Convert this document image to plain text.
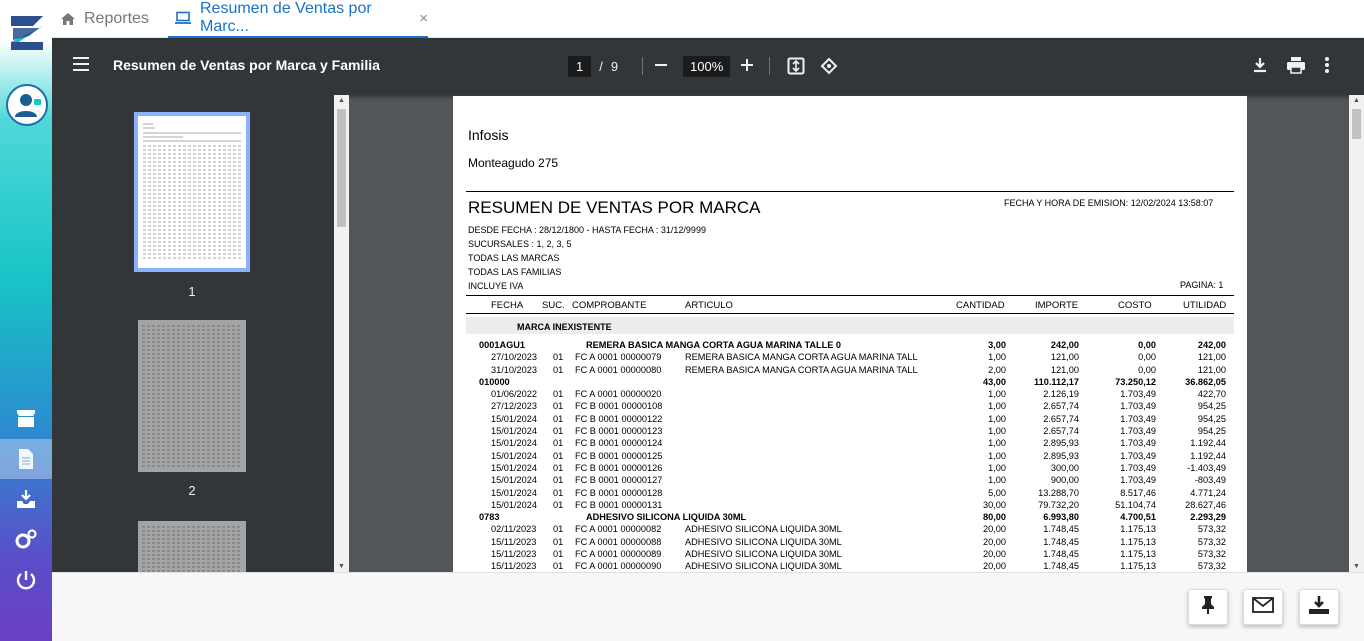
Reportes
Resumen de Ventas por Marc...	×
Resumen de Ventas por Marca y Familia	1	/ 9	100%
1
2
▲
▼
Infosis
Monteagudo 275
RESUMEN DE VENTAS POR MARCA	FECHA Y HORA DE EMISION: 12/02/2024 13:58:07
DESDE FECHA : 28/12/1800 - HASTA FECHA : 31/12/9999
SUCURSALES : 1, 2, 3, 5
TODAS LAS MARCAS
TODAS LAS FAMILIAS
INCLUYE IVA	PAGINA: 1
FECHA SUC. COMPROBANTE	ARTICULO	CANTIDAD	IMPORTE	COSTO	UTILIDAD
MARCA INEXISTENTE
0001AGU1	REMERA BASICA MANGA CORTA AGUA MARINA TALLE 0	3,00	242,00	0,00	242,00
27/10/2023 01 FC A 0001 00000079	REMERA BASICA MANGA CORTA AGUA MARINA TALL	1,00	121,00	0,00	121,00
31/10/2023 01 FC A 0001 00000080	REMERA BASICA MANGA CORTA AGUA MARINA TALL	2,00	121,00	0,00	121,00
010000	43,00	110.112,17	73.250,12	36.862,05
01/06/2022 01 FC A 0001 00000020	1,00	2.126,19	1.703,49	422,70
27/12/2023 01 FC B 0001 00000108	1,00	2.657,74	1.703,49	954,25
15/01/2024 01 FC B 0001 00000122	1,00	2.657,74	1.703,49	954,25
15/01/2024 01 FC B 0001 00000123	1,00	2.657,74	1.703,49	954,25
15/01/2024 01 FC B 0001 00000124	1,00	2.895,93	1.703,49	1.192,44
15/01/2024 01 FC B 0001 00000125	1,00	2.895,93	1.703,49	1.192,44
15/01/2024 01 FC B 0001 00000126	1,00	300,00	1.703,49	-1.403,49
15/01/2024 01 FC B 0001 00000127	1,00	900,00	1.703,49	-803,49
15/01/2024 01 FC B 0001 00000128	5,00	13.288,70	8.517,46	4.771,24
15/01/2024 01 FC B 0001 00000131	30,00	79.732,20	51.104,74	28.627,46
0783	ADHESIVO SILICONA LIQUIDA 30ML	80,00	6.993,80	4.700,51	2.293,29
02/11/2023 01 FC A 0001 00000082	ADHESIVO SILICONA LIQUIDA 30ML	20,00	1.748,45	1.175,13	573,32
15/11/2023 01 FC A 0001 00000088	ADHESIVO SILICONA LIQUIDA 30ML	20,00	1.748,45	1.175,13	573,32
15/11/2023 01 FC A 0001 00000089	ADHESIVO SILICONA LIQUIDA 30ML	20,00	1.748,45	1.175,13	573,32
15/11/2023 01 FC A 0001 00000090	ADHESIVO SILICONA LIQUIDA 30ML	20,00	1.748,45	1.175,13	573,32
▲
▼
